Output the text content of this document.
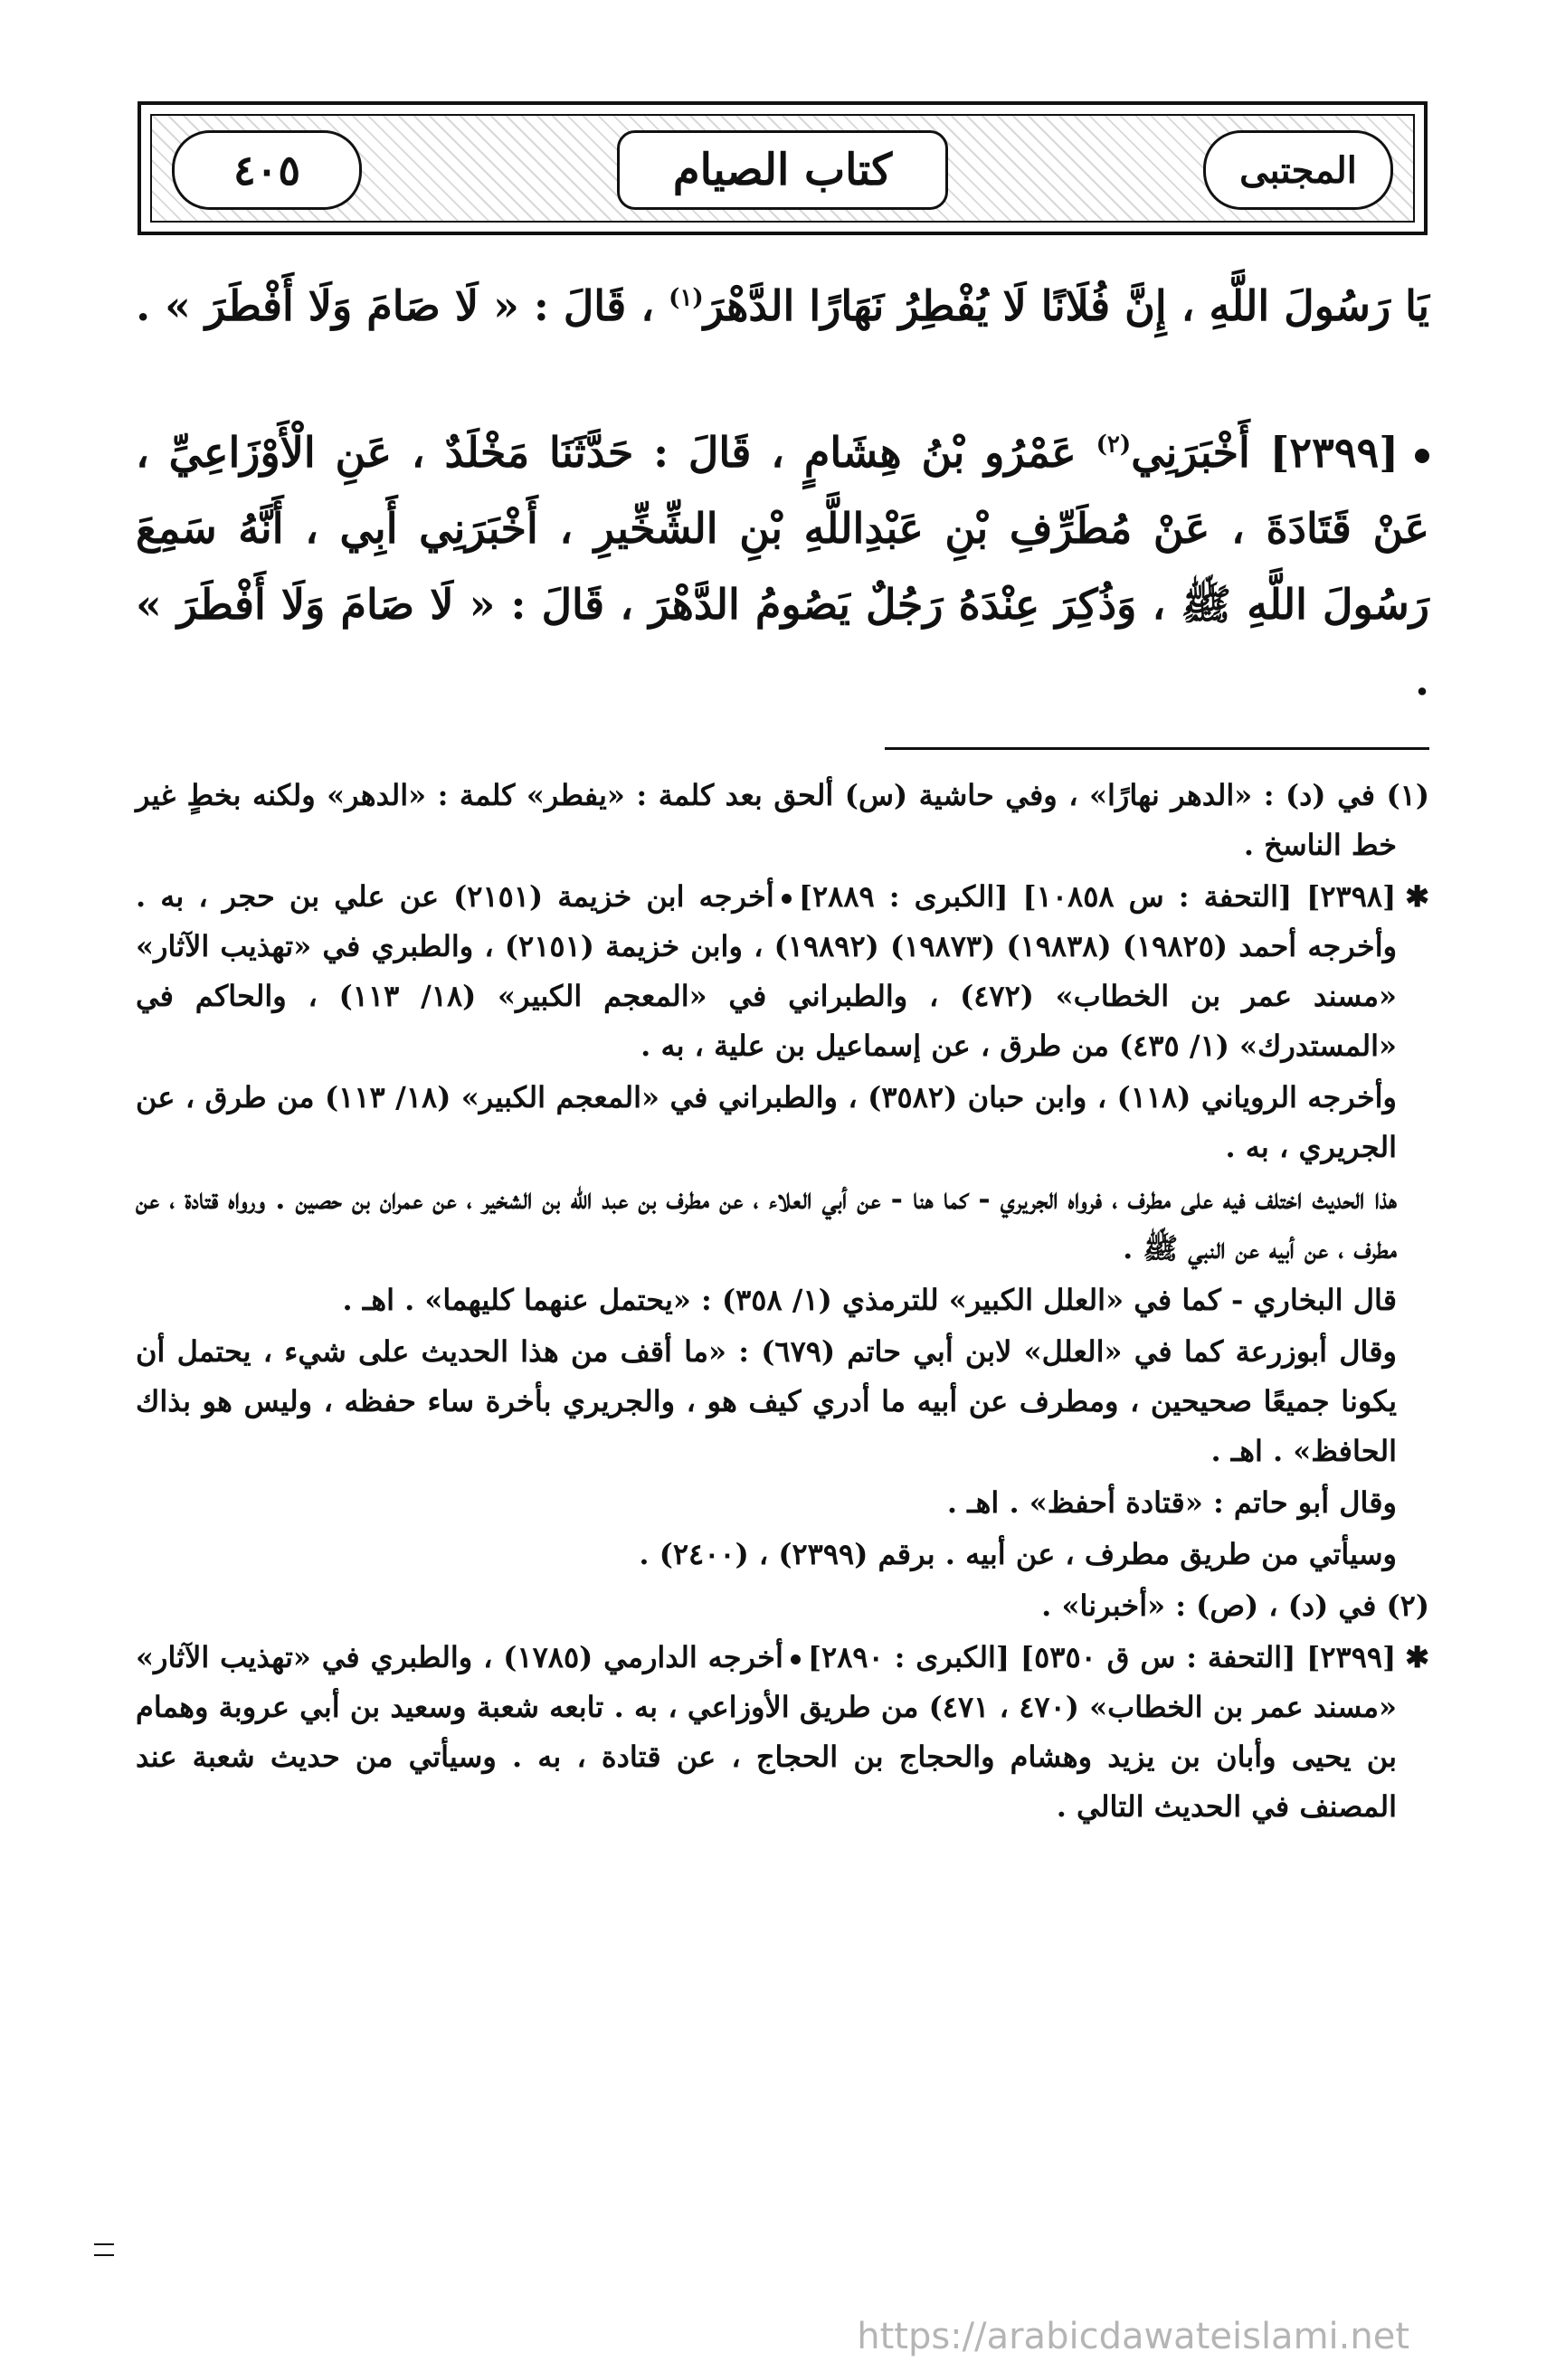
٤٠٥	كتاب الصيام	المجتبى

يَا رَسُولَ اللَّهِ ، إِنَّ فُلَانًا لَا يُفْطِرُ نَهَارًا الدَّهْرَ$^{(١)}$ ، قَالَ : « لَا صَامَ وَلَا أَفْطَرَ » .

[٢٣٩٩] أَخْبَرَنِي$^{(٢)}$ عَمْرُو بْنُ هِشَامٍ ، قَالَ : حَدَّثَنَا مَخْلَدٌ ، عَنِ الْأَوْزَاعِيِّ ، عَنْ قَتَادَةَ ، عَنْ مُطَرِّفِ بْنِ عَبْدِاللَّهِ بْنِ الشِّخِّيرِ ، أَخْبَرَنِي أَبِي ، أَنَّهُ سَمِعَ رَسُولَ اللَّهِ ﷺ ، وَذُكِرَ عِنْدَهُ رَجُلٌ يَصُومُ الدَّهْرَ ، قَالَ : « لَا صَامَ وَلَا أَفْطَرَ » .

(١) في (د) : «الدهر نهارًا» ، وفي حاشية (س) ألحق بعد كلمة : «يفطر» كلمة : «الدهر» ولكنه بخطٍ غير خط الناسخ .

✱[٢٣٩٨] [التحفة : س ١٠٨٥٨] [الكبرى : ٢٨٨٩]أخرجه ابن خزيمة (٢١٥١) عن علي بن حجر ، به . وأخرجه أحمد (١٩٨٢٥) (١٩٨٣٨) (١٩٨٧٣) (١٩٨٩٢) ، وابن خزيمة (٢١٥١) ، والطبري في «تهذيب الآثار» «مسند عمر بن الخطاب» (٤٧٢) ، والطبراني في «المعجم الكبير» (١٨/ ١١٣) ، والحاكم في «المستدرك» (١/ ٤٣٥) من طرق ، عن إسماعيل بن علية ، به .

وأخرجه الروياني (١١٨) ، وابن حبان (٣٥٨٢) ، والطبراني في «المعجم الكبير» (١٨/ ١١٣) من طرق ، عن الجريري ، به .

هذا الحديث اختلف فيه على مطرف ، فرواه الجريري - كما هنا - عن أبي العلاء ، عن مطرف بن عبد الله بن الشخير ، عن عمران بن حصين . ورواه قتادة ، عن مطرف ، عن أبيه عن النبي ﷺ .

قال البخاري - كما في «العلل الكبير» للترمذي (١/ ٣٥٨) : «يحتمل عنهما كليهما» . اهـ .

وقال أبوزرعة كما في «العلل» لابن أبي حاتم (٦٧٩) : «ما أقف من هذا الحديث على شيء ، يحتمل أن يكونا جميعًا صحيحين ، ومطرف عن أبيه ما أدري كيف هو ، والجريري بأخرة ساء حفظه ، وليس هو بذاك الحافظ» . اهـ .

وقال أبو حاتم : «قتادة أحفظ» . اهـ .

وسيأتي من طريق مطرف ، عن أبيه . برقم (٢٣٩٩) ، (٢٤٠٠) .

(٢) في (د) ، (ص) : «أخبرنا» .

✱[٢٣٩٩] [التحفة : س ق ٥٣٥٠] [الكبرى : ٢٨٩٠]أخرجه الدارمي (١٧٨٥) ، والطبري في «تهذيب الآثار» «مسند عمر بن الخطاب» (٤٧٠ ، ٤٧١) من طريق الأوزاعي ، به . تابعه شعبة وسعيد بن أبي عروبة وهمام بن يحيى وأبان بن يزيد وهشام والحجاج بن الحجاج ، عن قتادة ، به . وسيأتي من حديث شعبة عند المصنف في الحديث التالي .

https://arabicdawateislami.net
